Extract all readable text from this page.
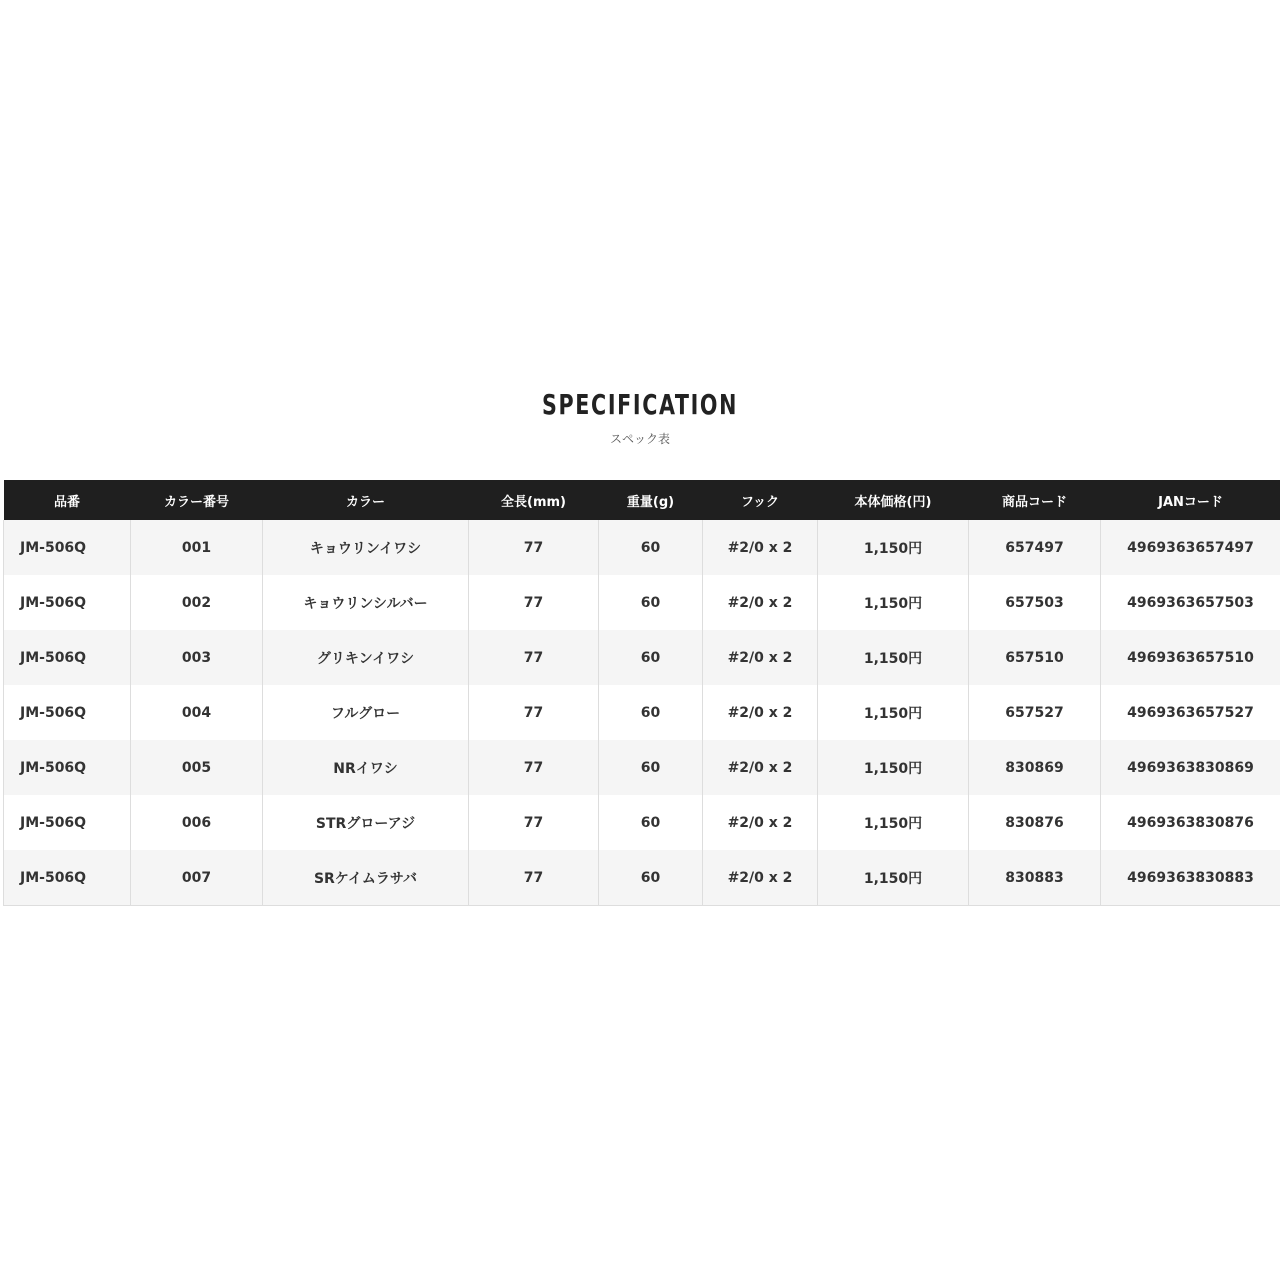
SPECIFICATION
スペック表
品番	カラー番号	カラー	全長(mm)	重量(g)	フック	本体価格(円)	商品コード	JANコード
JM-506Q	001	キョウリンイワシ	77	60	#2/0 x 2	1,150円	657497	4969363657497
JM-506Q	002	キョウリンシルバー	77	60	#2/0 x 2	1,150円	657503	4969363657503
JM-506Q	003	グリキンイワシ	77	60	#2/0 x 2	1,150円	657510	4969363657510
JM-506Q	004	フルグロー	77	60	#2/0 x 2	1,150円	657527	4969363657527
JM-506Q	005	NRイワシ	77	60	#2/0 x 2	1,150円	830869	4969363830869
JM-506Q	006	STRグローアジ	77	60	#2/0 x 2	1,150円	830876	4969363830876
JM-506Q	007	SRケイムラサバ	77	60	#2/0 x 2	1,150円	830883	4969363830883
